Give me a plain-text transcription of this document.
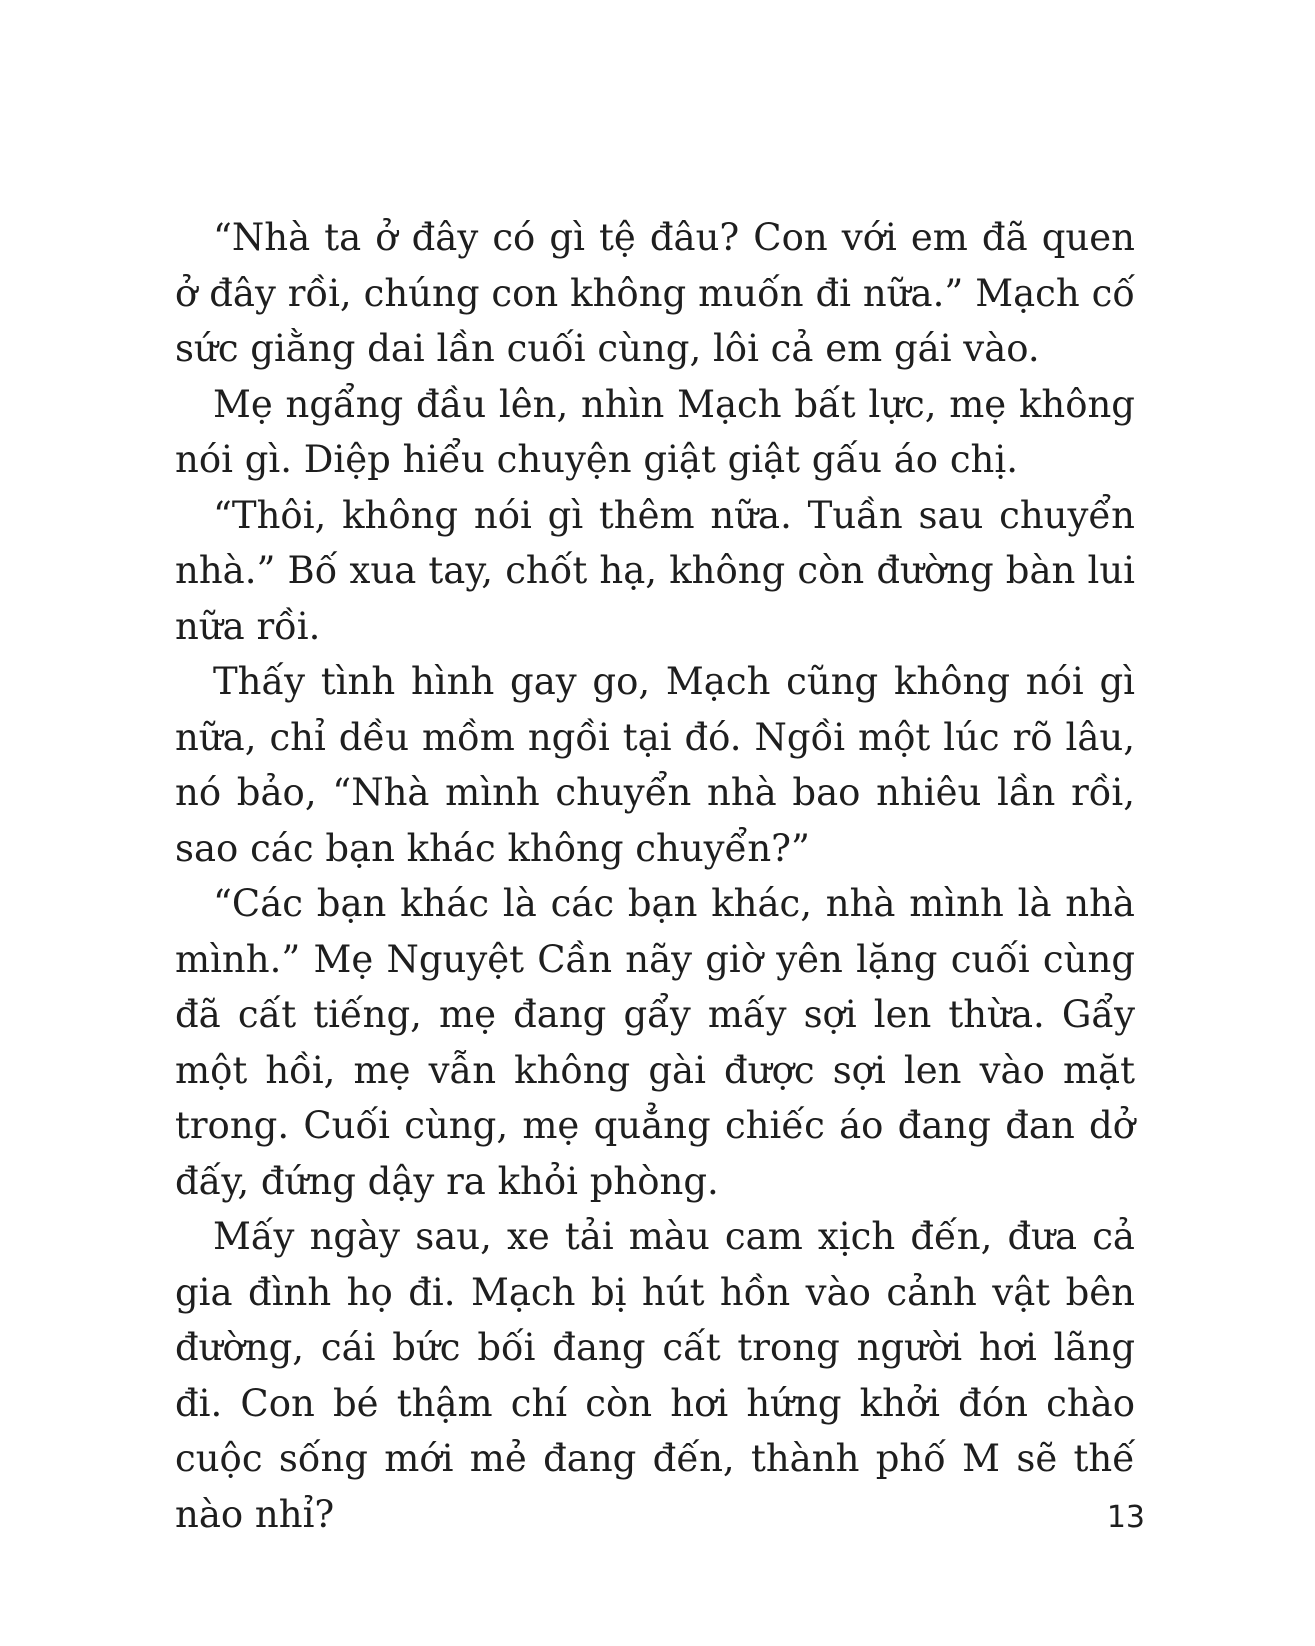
“Nhà ta ở đây có gì tệ đâu? Con với em đã quen ở đây rồi, chúng con không muốn đi nữa.” Mạch cố sức giằng dai lần cuối cùng, lôi cả em gái vào.

Mẹ ngẩng đầu lên, nhìn Mạch bất lực, mẹ không nói gì. Diệp hiểu chuyện giật giật gấu áo chị.

“Thôi, không nói gì thêm nữa. Tuần sau chuyển nhà.” Bố xua tay, chốt hạ, không còn đường bàn lui nữa rồi.

Thấy tình hình gay go, Mạch cũng không nói gì nữa, chỉ dều mồm ngồi tại đó. Ngồi một lúc rõ lâu, nó bảo, “Nhà mình chuyển nhà bao nhiêu lần rồi, sao các bạn khác không chuyển?”

“Các bạn khác là các bạn khác, nhà mình là nhà mình.” Mẹ Nguyệt Cần nãy giờ yên lặng cuối cùng đã cất tiếng, mẹ đang gẩy mấy sợi len thừa. Gẩy một hồi, mẹ vẫn không gài được sợi len vào mặt trong. Cuối cùng, mẹ quẳng chiếc áo đang đan dở đấy, đứng dậy ra khỏi phòng.

Mấy ngày sau, xe tải màu cam xịch đến, đưa cả gia đình họ đi. Mạch bị hút hồn vào cảnh vật bên đường, cái bức bối đang cất trong người hơi lãng đi. Con bé thậm chí còn hơi hứng khởi đón chào cuộc sống mới mẻ đang đến, thành phố M sẽ thế nào nhỉ?	13
